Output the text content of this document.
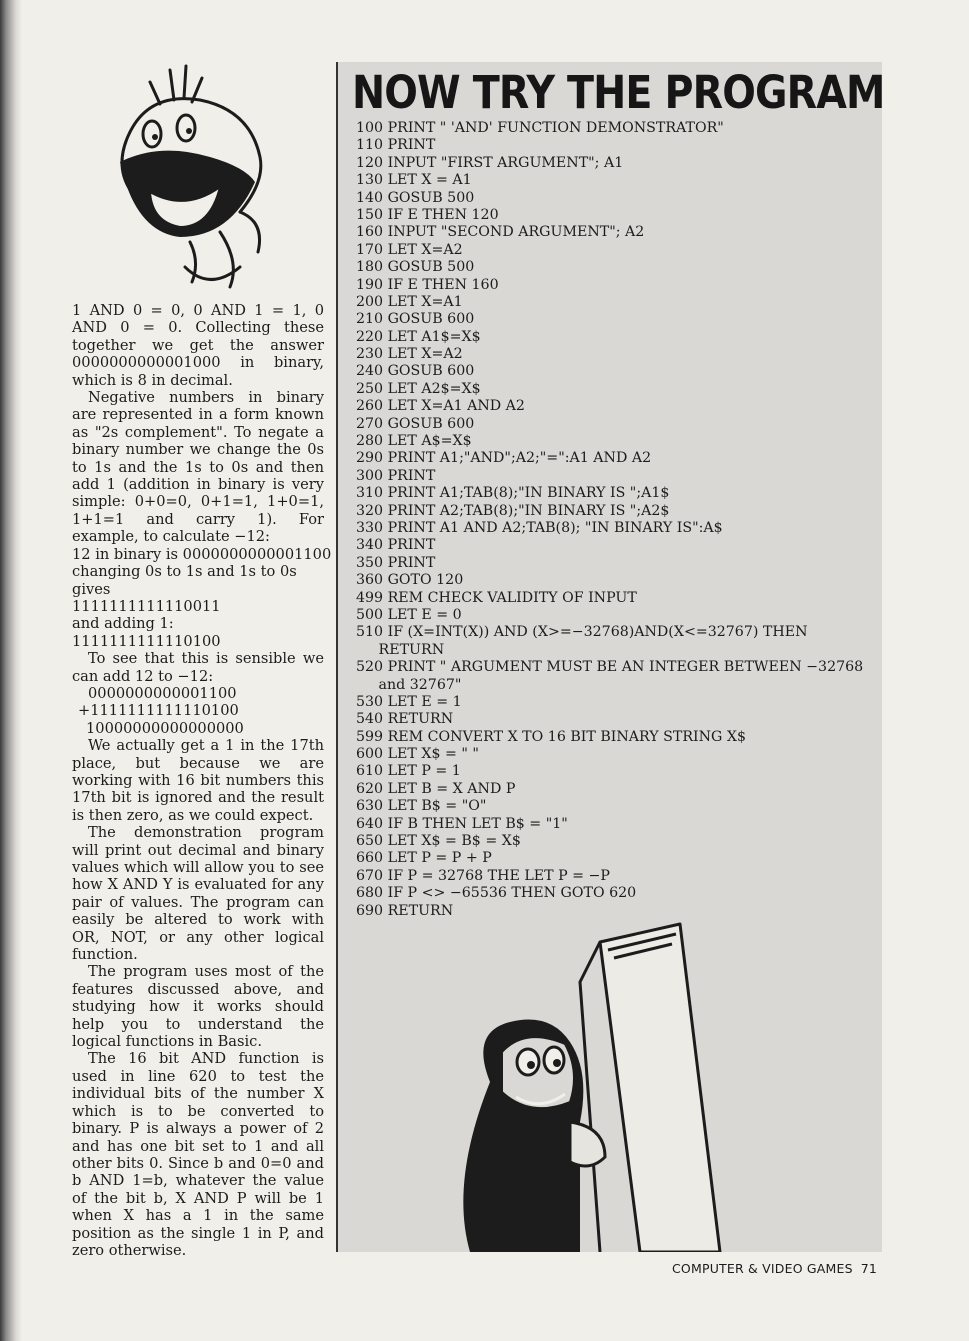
1 AND 0 = 0, 0 AND 1 = 1, 0 AND 0 = 0. Collecting these together we get the answer 0000000000001000 in binary, which is 8 in decimal.

Negative numbers in binary are represented in a form known as "2s complement". To negate a binary number we change the 0s to 1s and the 1s to 0s and then add 1 (addition in binary is very simple: 0+0=0, 0+1=1, 1+0=1, 1+1=1 and carry 1). For example, to calculate −12:

12 in binary is 0000000000001100

changing 0s to 1s and 1s to 0s

gives

1111111111110011

and adding 1:

1111111111110100

To see that this is sensible we can add 12 to −12:

0000000000001100

+1111111111110100

10000000000000000

We actually get a 1 in the 17th place, but because we are working with 16 bit numbers this 17th bit is ignored and the result is then zero, as we could expect.

The demonstration program will print out decimal and binary values which will allow you to see how X AND Y is evaluated for any pair of values. The program can easily be altered to work with OR, NOT, or any other logical function.

The program uses most of the features discussed above, and studying how it works should help you to understand the logical functions in Basic.

The 16 bit AND function is used in line 620 to test the individual bits of the number X which is to be converted to binary. P is always a power of 2 and has one bit set to 1 and all other bits 0. Since b and 0=0 and b AND 1=b, whatever the value of the bit b, X AND P will be 1 when X has a 1 in the same position as the single 1 in P, and zero otherwise.

NOW TRY THE PROGRAM
100 PRINT " 'AND' FUNCTION DEMONSTRATOR"
110 PRINT
120 INPUT "FIRST ARGUMENT"; A1
130 LET X = A1
140 GOSUB 500
150 IF E THEN 120
160 INPUT "SECOND ARGUMENT"; A2
170 LET X=A2
180 GOSUB 500
190 IF E THEN 160
200 LET X=A1
210 GOSUB 600
220 LET A1$=X$
230 LET X=A2
240 GOSUB 600
250 LET A2$=X$
260 LET X=A1 AND A2
270 GOSUB 600
280 LET A$=X$
290 PRINT A1;"AND";A2;"=":A1 AND A2
300 PRINT
310 PRINT A1;TAB(8);"IN BINARY IS ";A1$
320 PRINT A2;TAB(8);"IN BINARY IS ";A2$
330 PRINT A1 AND A2;TAB(8); "IN BINARY IS":A$
340 PRINT
350 PRINT
360 GOTO 120
499 REM CHECK VALIDITY OF INPUT
500 LET E = 0
510 IF (X=INT(X)) AND (X>=−32768)AND(X<=32767) THEN
RETURN
520 PRINT " ARGUMENT MUST BE AN INTEGER BETWEEN −32768
and 32767"
530 LET E = 1
540 RETURN
599 REM CONVERT X TO 16 BIT BINARY STRING X$
600 LET X$ = " "
610 LET P = 1
620 LET B = X AND P
630 LET B$ = "O"
640 IF B THEN LET B$ = "1"
650 LET X$ = B$ = X$
660 LET P = P + P
670 IF P = 32768 THE LET P = −P
680 IF P <> −65536 THEN GOTO 620
690 RETURN
COMPUTER & VIDEO GAMES 71
